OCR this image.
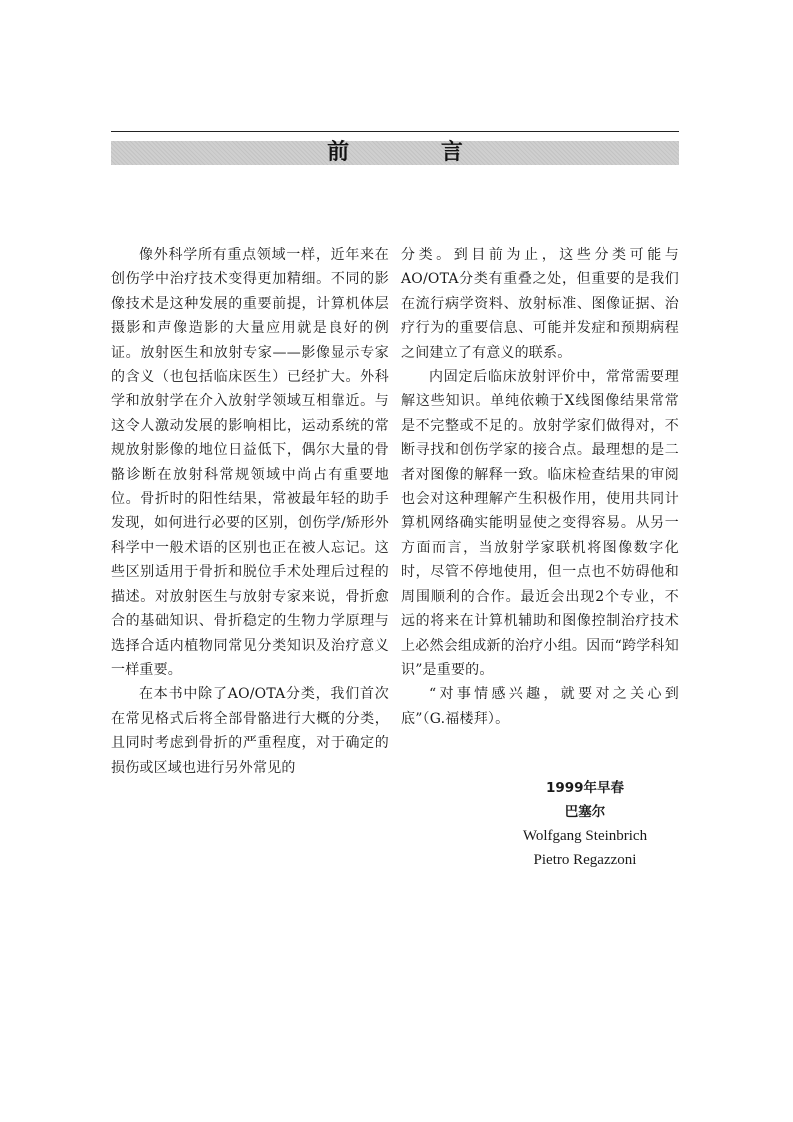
前 言

像外科学所有重点领域一样，近年来在创伤学中治疗技术变得更加精细。不同的影像技术是这种发展的重要前提，计算机体层摄影和声像造影的大量应用就是良好的例证。放射医生和放射专家——影像显示专家的含义（也包括临床医生）已经扩大。外科学和放射学在介入放射学领域互相靠近。与这令人激动发展的影响相比，运动系统的常规放射影像的地位日益低下，偶尔大量的骨骼诊断在放射科常规领域中尚占有重要地位。骨折时的阳性结果，常被最年轻的助手发现，如何进行必要的区别，创伤学/矫形外科学中一般术语的区别也正在被人忘记。这些区别适用于骨折和脱位手术处理后过程的描述。对放射医生与放射专家来说，骨折愈合的基础知识、骨折稳定的生物力学原理与选择合适内植物同常见分类知识及治疗意义一样重要。

在本书中除了AO/OTA分类，我们首次在常见格式后将全部骨骼进行大概的分类，且同时考虑到骨折的严重程度，对于确定的损伤或区域也进行另外常见的

分类。到目前为止，这些分类可能与AO/OTA分类有重叠之处，但重要的是我们在流行病学资料、放射标准、图像证据、治疗行为的重要信息、可能并发症和预期病程之间建立了有意义的联系。

内固定后临床放射评价中，常常需要理解这些知识。单纯依赖于X线图像结果常常是不完整或不足的。放射学家们做得对，不断寻找和创伤学家的接合点。最理想的是二者对图像的解释一致。临床检查结果的审阅也会对这种理解产生积极作用，使用共同计算机网络确实能明显使之变得容易。从另一方面而言，当放射学家联机将图像数字化时，尽管不停地使用，但一点也不妨碍他和周围顺利的合作。最近会出现2个专业，不远的将来在计算机辅助和图像控制治疗技术上必然会组成新的治疗小组。因而“跨学科知识”是重要的。

“对事情感兴趣，就要对之关心到底”（G.福楼拜）。

1999年早春
巴塞尔
Wolfgang Steinbrich
Pietro Regazzoni
